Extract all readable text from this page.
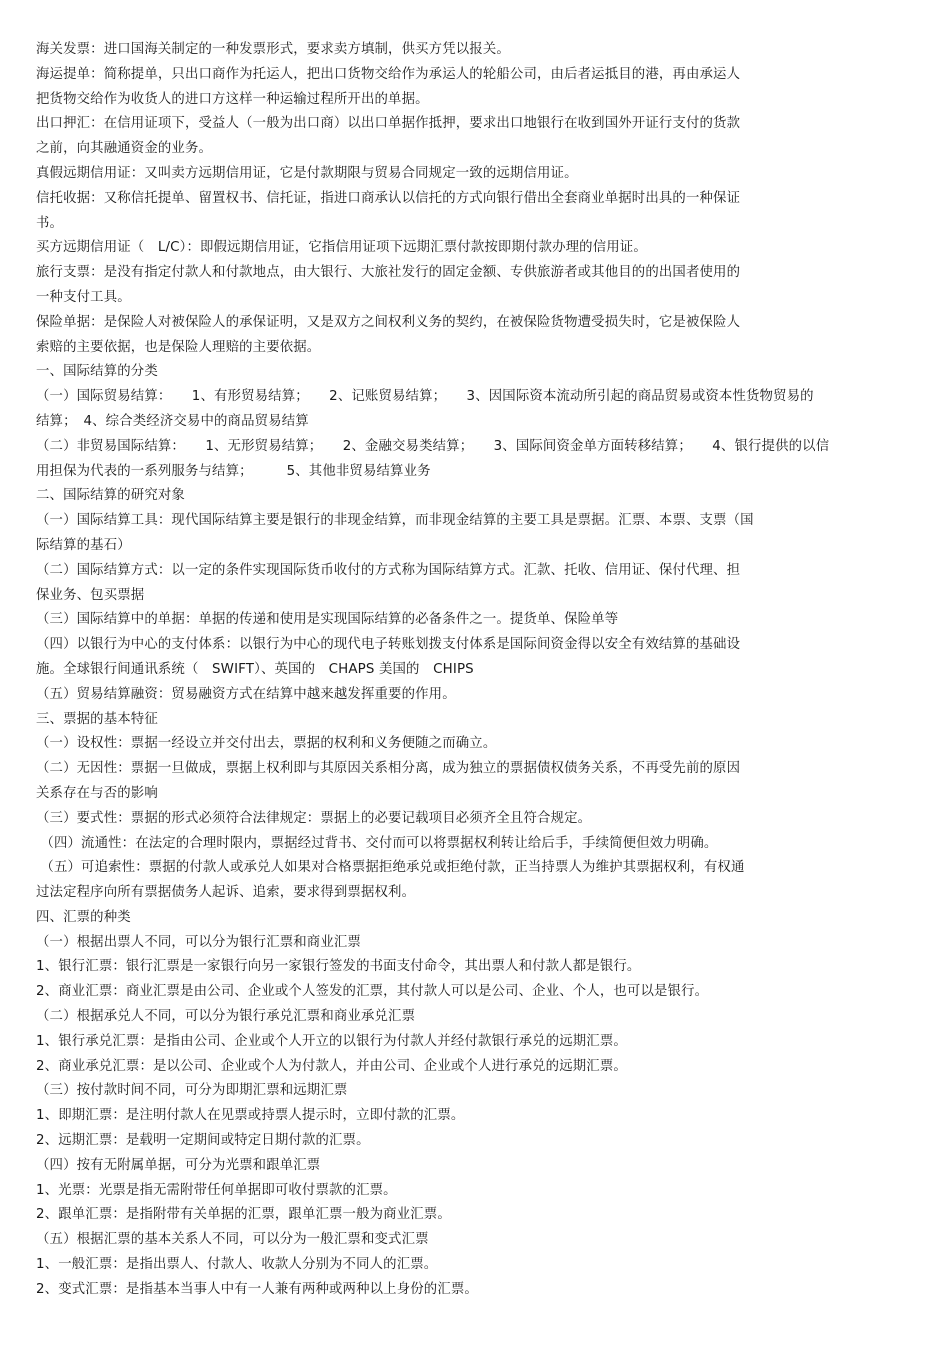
海关发票：进口国海关制定的一种发票形式，要求卖方填制，供买方凭以报关。
海运提单：简称提单，只出口商作为托运人，把出口货物交给作为承运人的轮船公司，由后者运抵目的港，再由承运人
把货物交给作为收货人的进口方这样一种运输过程所开出的单据。
出口押汇：在信用证项下，受益人（一般为出口商）以出口单据作抵押，要求出口地银行在收到国外开证行支付的货款
之前，向其融通资金的业务。
真假远期信用证：又叫卖方远期信用证，它是付款期限与贸易合同规定一致的远期信用证。
信托收据：又称信托提单、留置权书、信托证，指进口商承认以信托的方式向银行借出全套商业单据时出具的一种保证
书。
买方远期信用证（　L/C）：即假远期信用证，它指信用证项下远期汇票付款按即期付款办理的信用证。
旅行支票：是没有指定付款人和付款地点，由大银行、大旅社发行的固定金额、专供旅游者或其他目的的出国者使用的
一种支付工具。
保险单据：是保险人对被保险人的承保证明，又是双方之间权利义务的契约，在被保险货物遭受损失时，它是被保险人
索赔的主要依据，也是保险人理赔的主要依据。
一、国际结算的分类
（一）国际贸易结算：　　1、有形贸易结算；　　2、记账贸易结算；　　3、因国际资本流动所引起的商品贸易或资本性货物贸易的
结算；　4、综合类经济交易中的商品贸易结算
（二）非贸易国际结算：　　1、无形贸易结算；　　2、金融交易类结算；　　3、国际间资金单方面转移结算；　　4、银行提供的以信
用担保为代表的一系列服务与结算；　　　5、其他非贸易结算业务
二、国际结算的研究对象
（一）国际结算工具：现代国际结算主要是银行的非现金结算，而非现金结算的主要工具是票据。汇票、本票、支票（国
际结算的基石）
（二）国际结算方式：以一定的条件实现国际货币收付的方式称为国际结算方式。汇款、托收、信用证、保付代理、担
保业务、包买票据
（三）国际结算中的单据：单据的传递和使用是实现国际结算的必备条件之一。提货单、保险单等
（四）以银行为中心的支付体系：以银行为中心的现代电子转账划拨支付体系是国际间资金得以安全有效结算的基础设
施。全球银行间通讯系统（　SWIFT）、英国的　CHAPS 美国的　CHIPS
（五）贸易结算融资：贸易融资方式在结算中越来越发挥重要的作用。
三、票据的基本特征
（一）设权性：票据一经设立并交付出去，票据的权利和义务便随之而确立。
（二）无因性：票据一旦做成，票据上权利即与其原因关系相分离，成为独立的票据债权债务关系，不再受先前的原因
关系存在与否的影响
（三）要式性：票据的形式必须符合法律规定：票据上的必要记载项目必须齐全且符合规定。
（四）流通性：在法定的合理时限内，票据经过背书、交付而可以将票据权利转让给后手，手续简便但效力明确。
（五）可追索性：票据的付款人或承兑人如果对合格票据拒绝承兑或拒绝付款，正当持票人为维护其票据权利，有权通
过法定程序向所有票据债务人起诉、追索，要求得到票据权利。
四、汇票的种类
（一）根据出票人不同，可以分为银行汇票和商业汇票
1、银行汇票：银行汇票是一家银行向另一家银行签发的书面支付命令，其出票人和付款人都是银行。
2、商业汇票：商业汇票是由公司、企业或个人签发的汇票，其付款人可以是公司、企业、个人，也可以是银行。
（二）根据承兑人不同，可以分为银行承兑汇票和商业承兑汇票
1、银行承兑汇票：是指由公司、企业或个人开立的以银行为付款人并经付款银行承兑的远期汇票。
2、商业承兑汇票：是以公司、企业或个人为付款人，并由公司、企业或个人进行承兑的远期汇票。
（三）按付款时间不同，可分为即期汇票和远期汇票
1、即期汇票：是注明付款人在见票或持票人提示时，立即付款的汇票。
2、远期汇票：是载明一定期间或特定日期付款的汇票。
（四）按有无附属单据，可分为光票和跟单汇票
1、光票：光票是指无需附带任何单据即可收付票款的汇票。
2、跟单汇票：是指附带有关单据的汇票，跟单汇票一般为商业汇票。
（五）根据汇票的基本关系人不同，可以分为一般汇票和变式汇票
1、一般汇票：是指出票人、付款人、收款人分别为不同人的汇票。
2、变式汇票：是指基本当事人中有一人兼有两种或两种以上身份的汇票。
